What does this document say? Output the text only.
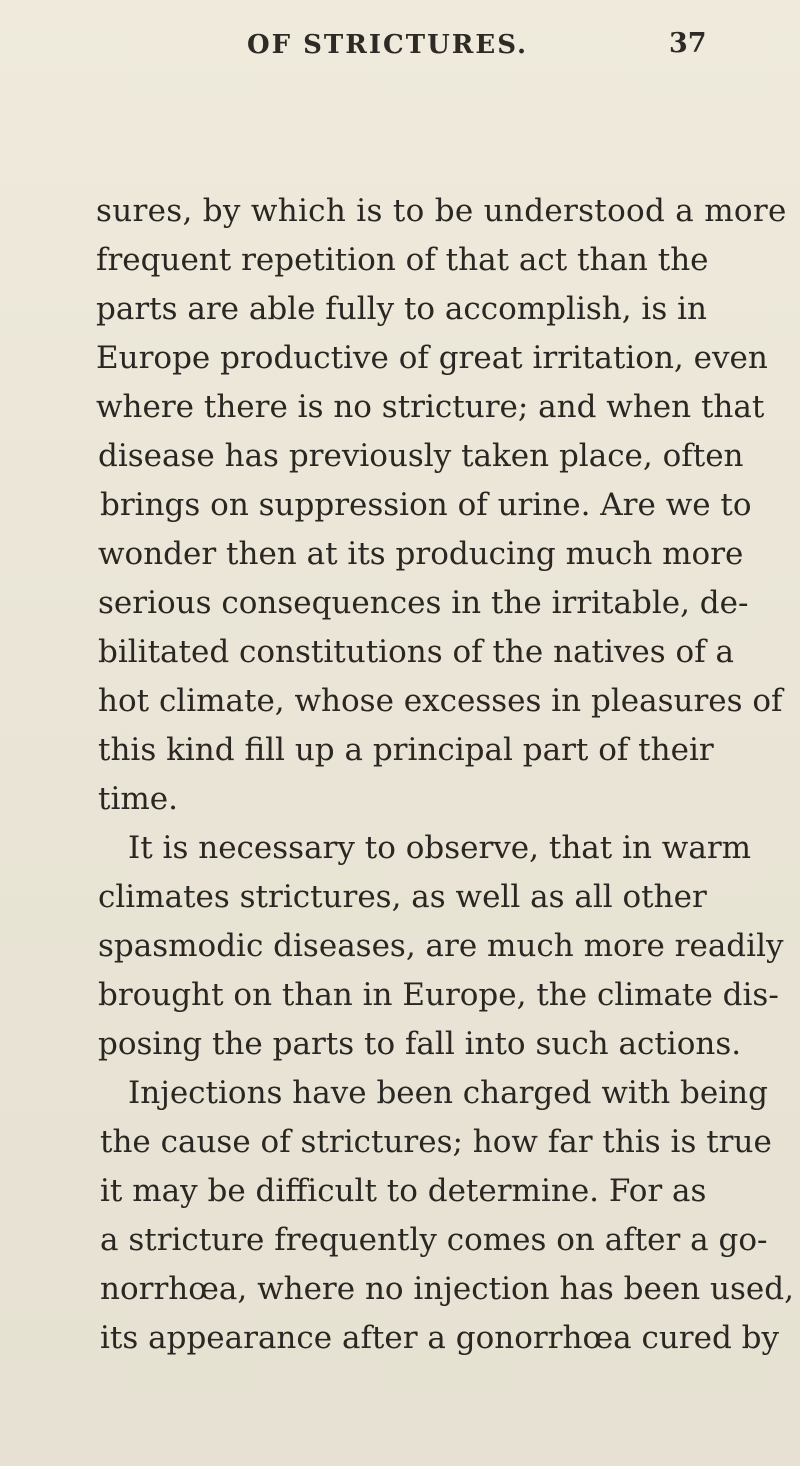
OF STRICTURES.	37
sures, by which is to be understood a more
frequent repetition of that act than the
parts are able fully to accomplish, is in
Europe productive of great irritation, even
where there is no stricture; and when that
disease has previously taken place, often
brings on suppression of urine. Are we to
wonder then at its producing much more
serious consequences in the irritable, de-
bilitated constitutions of the natives of a
hot climate, whose excesses in pleasures of
this kind fill up a principal part of their
time.
It is necessary to observe, that in warm
climates strictures, as well as all other
spasmodic diseases, are much more readily
brought on than in Europe, the climate dis-
posing the parts to fall into such actions.
Injections have been charged with being
the cause of strictures; how far this is true
it may be difficult to determine. For as
a stricture frequently comes on after a go-
norrhœa, where no injection has been used,
its appearance after a gonorrhœa cured by
